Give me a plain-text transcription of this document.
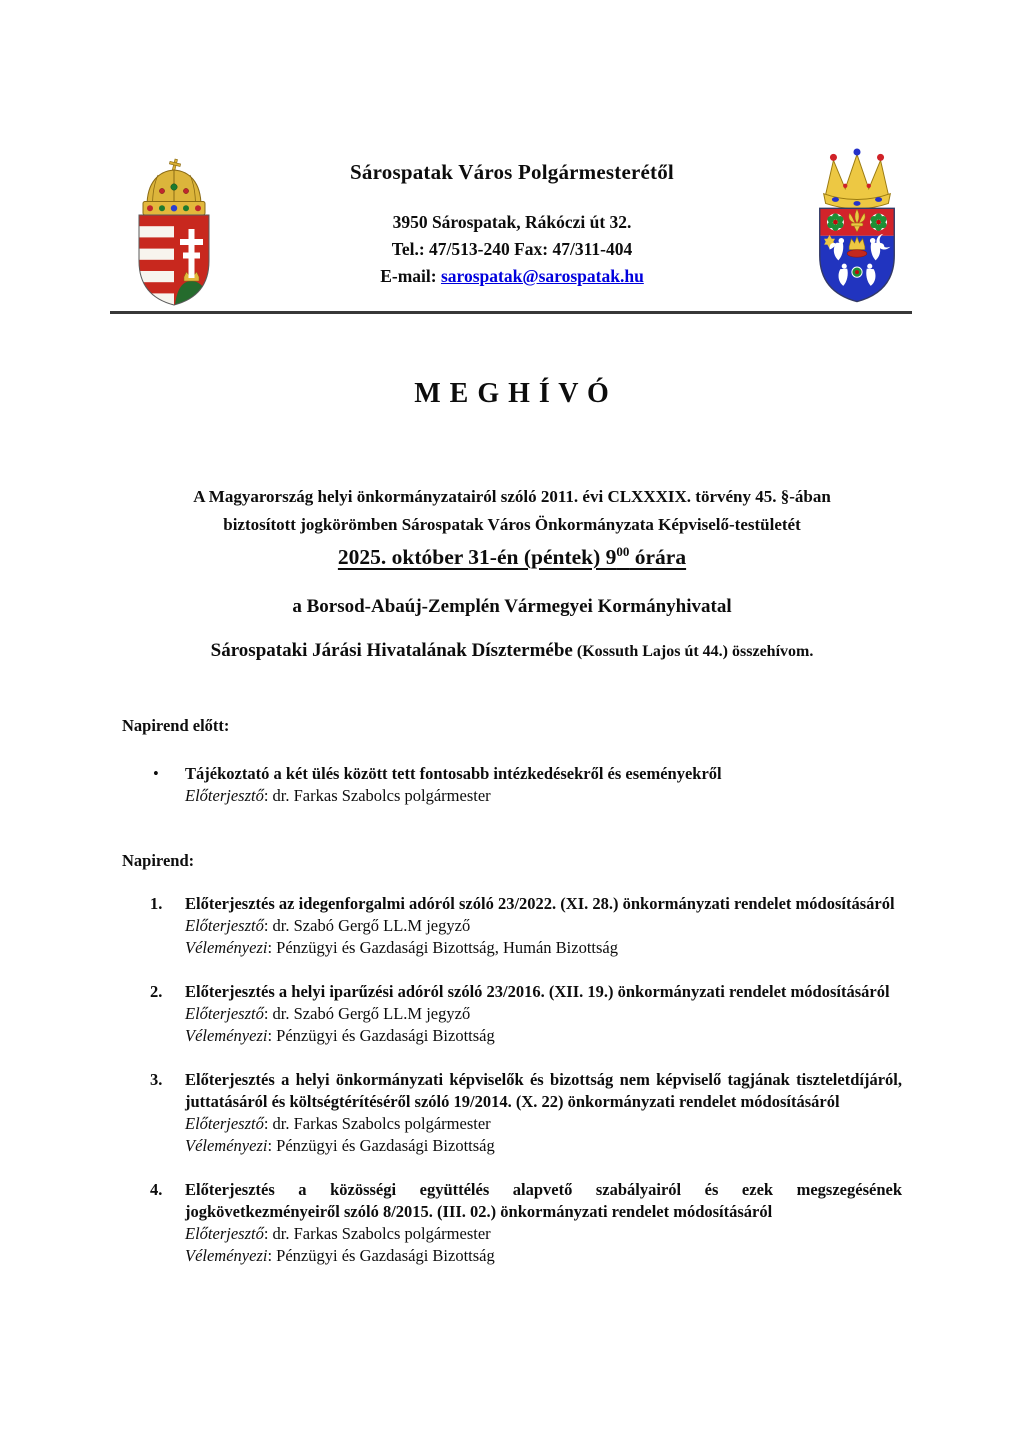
Sárospatak Város Polgármesterétől
3950 Sárospatak, Rákóczi út 32.
Tel.: 47/513-240 Fax: 47/311-404
E-mail: sarospatak@sarospatak.hu
M E G H Í V Ó
A Magyarország helyi önkormányzatairól szóló 2011. évi CLXXXIX. törvény 45. §-ában
biztosított jogkörömben Sárospatak Város Önkormányzata Képviselő-testületét
2025. október 31-én (péntek) $9^{00}$ órára
a Borsod-Abaúj-Zemplén Vármegyei Kormányhivatal
Sárospataki Járási Hivatalának Dísztermébe (Kossuth Lajos út 44.) összehívom.
Napirend előtt:
•	Tájékoztató a két ülés között tett fontosabb intézkedésekről és eseményekről
Előterjesztő: dr. Farkas Szabolcs polgármester
Napirend:
1.	Előterjesztés az idegenforgalmi adóról szóló 23/2022. (XI. 28.) önkormányzati rendelet módosításáról
Előterjesztő: dr. Szabó Gergő LL.M jegyző
Véleményezi: Pénzügyi és Gazdasági Bizottság, Humán Bizottság
2.	Előterjesztés a helyi iparűzési adóról szóló 23/2016. (XII. 19.) önkormányzati rendelet módosításáról
Előterjesztő: dr. Szabó Gergő LL.M jegyző
Véleményezi: Pénzügyi és Gazdasági Bizottság
3.	Előterjesztés a helyi önkormányzati képviselők és bizottság nem képviselő tagjának tiszteletdíjáról, juttatásáról és költségtérítéséről szóló 19/2014. (X. 22) önkormányzati rendelet módosításáról
Előterjesztő: dr. Farkas Szabolcs polgármester
Véleményezi: Pénzügyi és Gazdasági Bizottság
4.	Előterjesztés a közösségi együttélés alapvető szabályairól és ezek megszegésének jogkövetkezményeiről szóló 8/2015. (III. 02.) önkormányzati rendelet módosításáról
Előterjesztő: dr. Farkas Szabolcs polgármester
Véleményezi: Pénzügyi és Gazdasági Bizottság
